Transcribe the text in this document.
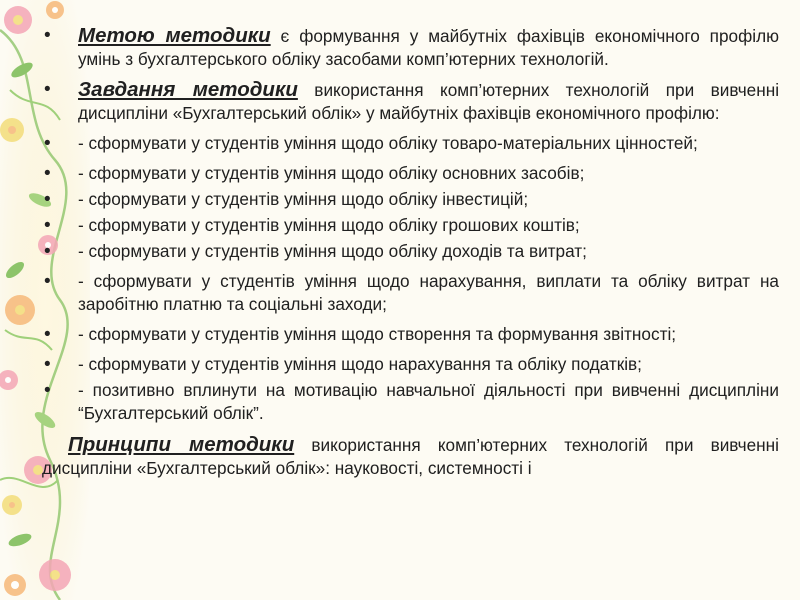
• Метою методики є формування у майбутніх фахівців економічного профілю умінь з бухгалтерського обліку засобами комп’ютерних технологій.
• Завдання методики використання комп’ютерних технологій при вивченні дисципліни «Бухгалтерський облік» у майбутніх фахівців економічного профілю:
• - сформувати у студентів уміння щодо обліку товаро-матеріальних цінностей;
• - сформувати у студентів уміння щодо обліку основних засобів;
• - сформувати у студентів уміння щодо обліку інвестицій;
• - сформувати у студентів уміння щодо обліку грошових коштів;
• - сформувати у студентів уміння щодо обліку доходів та витрат;
• - сформувати у студентів уміння щодо нарахування, виплати та обліку витрат на заробітню платню та соціальні заходи;
• - сформувати у студентів уміння щодо створення та формування звітності;
• - сформувати у студентів уміння щодо нарахування та обліку податків;
• - позитивно вплинути на мотивацію навчальної діяльності при вивченні дисципліни “Бухгалтерський облік”.

Принципи методики використання комп’ютерних технологій при вивченні дисципліни «Бухгалтерський облік»: науковості, системності і
